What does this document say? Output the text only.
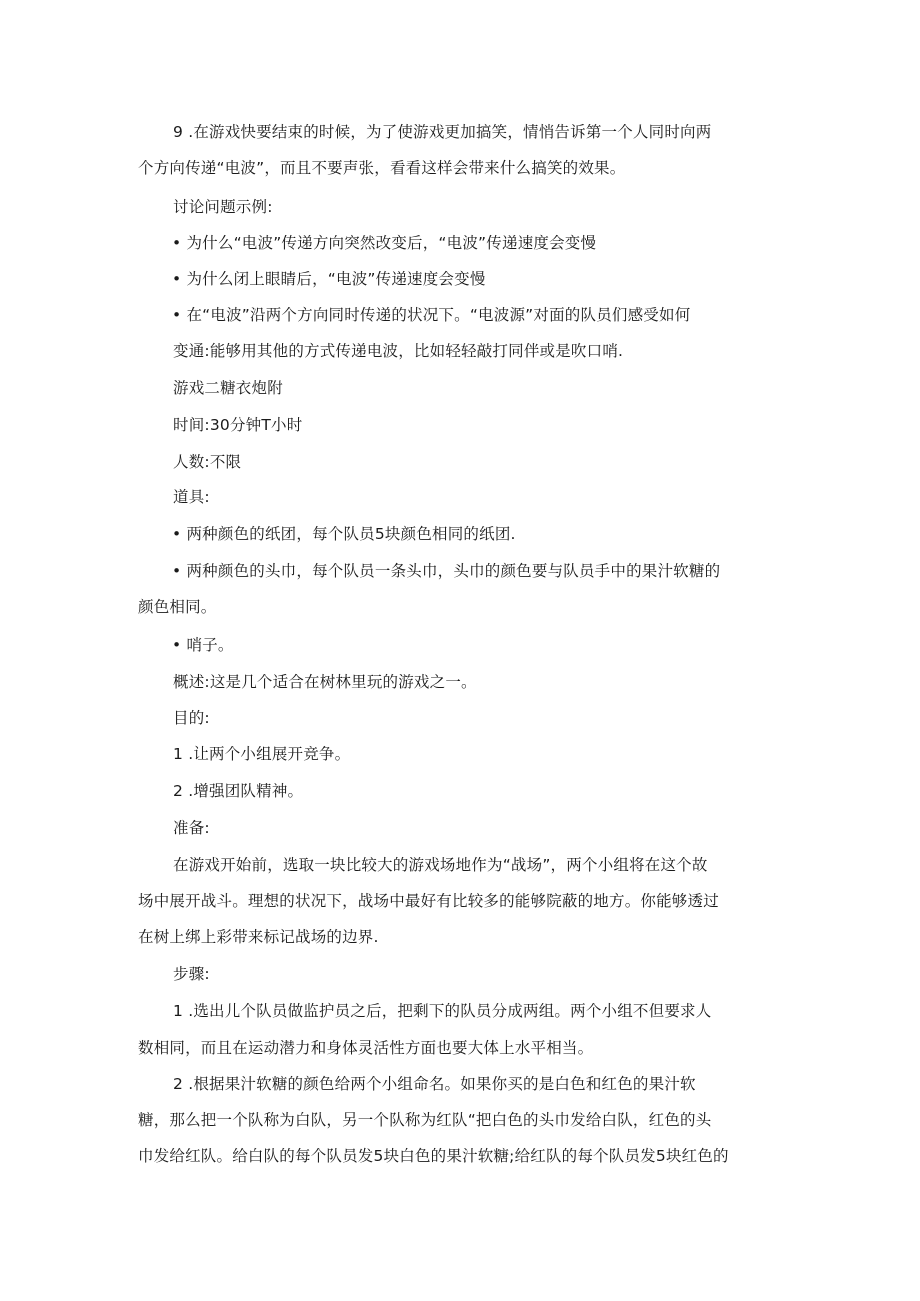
9 .在游戏快要结束的时候，为了使游戏更加搞笑，情悄告诉第一个人同时向两
个方向传递“电波”，而且不要声张，看看这样会带来什么搞笑的效果。
讨论问题示例:
• 为什么“电波”传递方向突然改变后，“电波”传递速度会变慢
• 为什么闭上眼睛后，“电波”传递速度会变慢
• 在“电波”沿两个方向同时传递的状况下。“电波源”对面的队员们感受如何
变通:能够用其他的方式传递电波，比如轻轻敲打同伴或是吹口哨.
游戏二糖衣炮附
时间:30分钟T小时
人数:不限
道具:
• 两种颜色的纸团，每个队员5块颜色相同的纸团.
• 两种颜色的头巾，每个队员一条头巾，头巾的颜色要与队员手中的果汁软糖的
颜色相同。
• 哨子。
概述:这是几个适合在树林里玩的游戏之一。
目的:
1 .让两个小组展开竞争。
2 .增强团队精神。
准备:
在游戏开始前，选取一块比较大的游戏场地作为“战场”，两个小组将在这个故
场中展开战斗。理想的状况下，战场中最好有比较多的能够院蔽的地方。你能够透过
在树上绑上彩带来标记战场的边界.
步骤:
1 .选出儿个队员做监护员之后，把剩下的队员分成两组。两个小组不但要求人
数相同，而且在运动潜力和身体灵活性方面也要大体上水平相当。
2 .根据果汁软糖的颜色给两个小组命名。如果你买的是白色和红色的果汁软
糖，那么把一个队称为白队，另一个队称为红队“把白色的头巾发给白队，红色的头
巾发给红队。给白队的每个队员发5块白色的果汁软糖;给红队的每个队员发5块红色的
